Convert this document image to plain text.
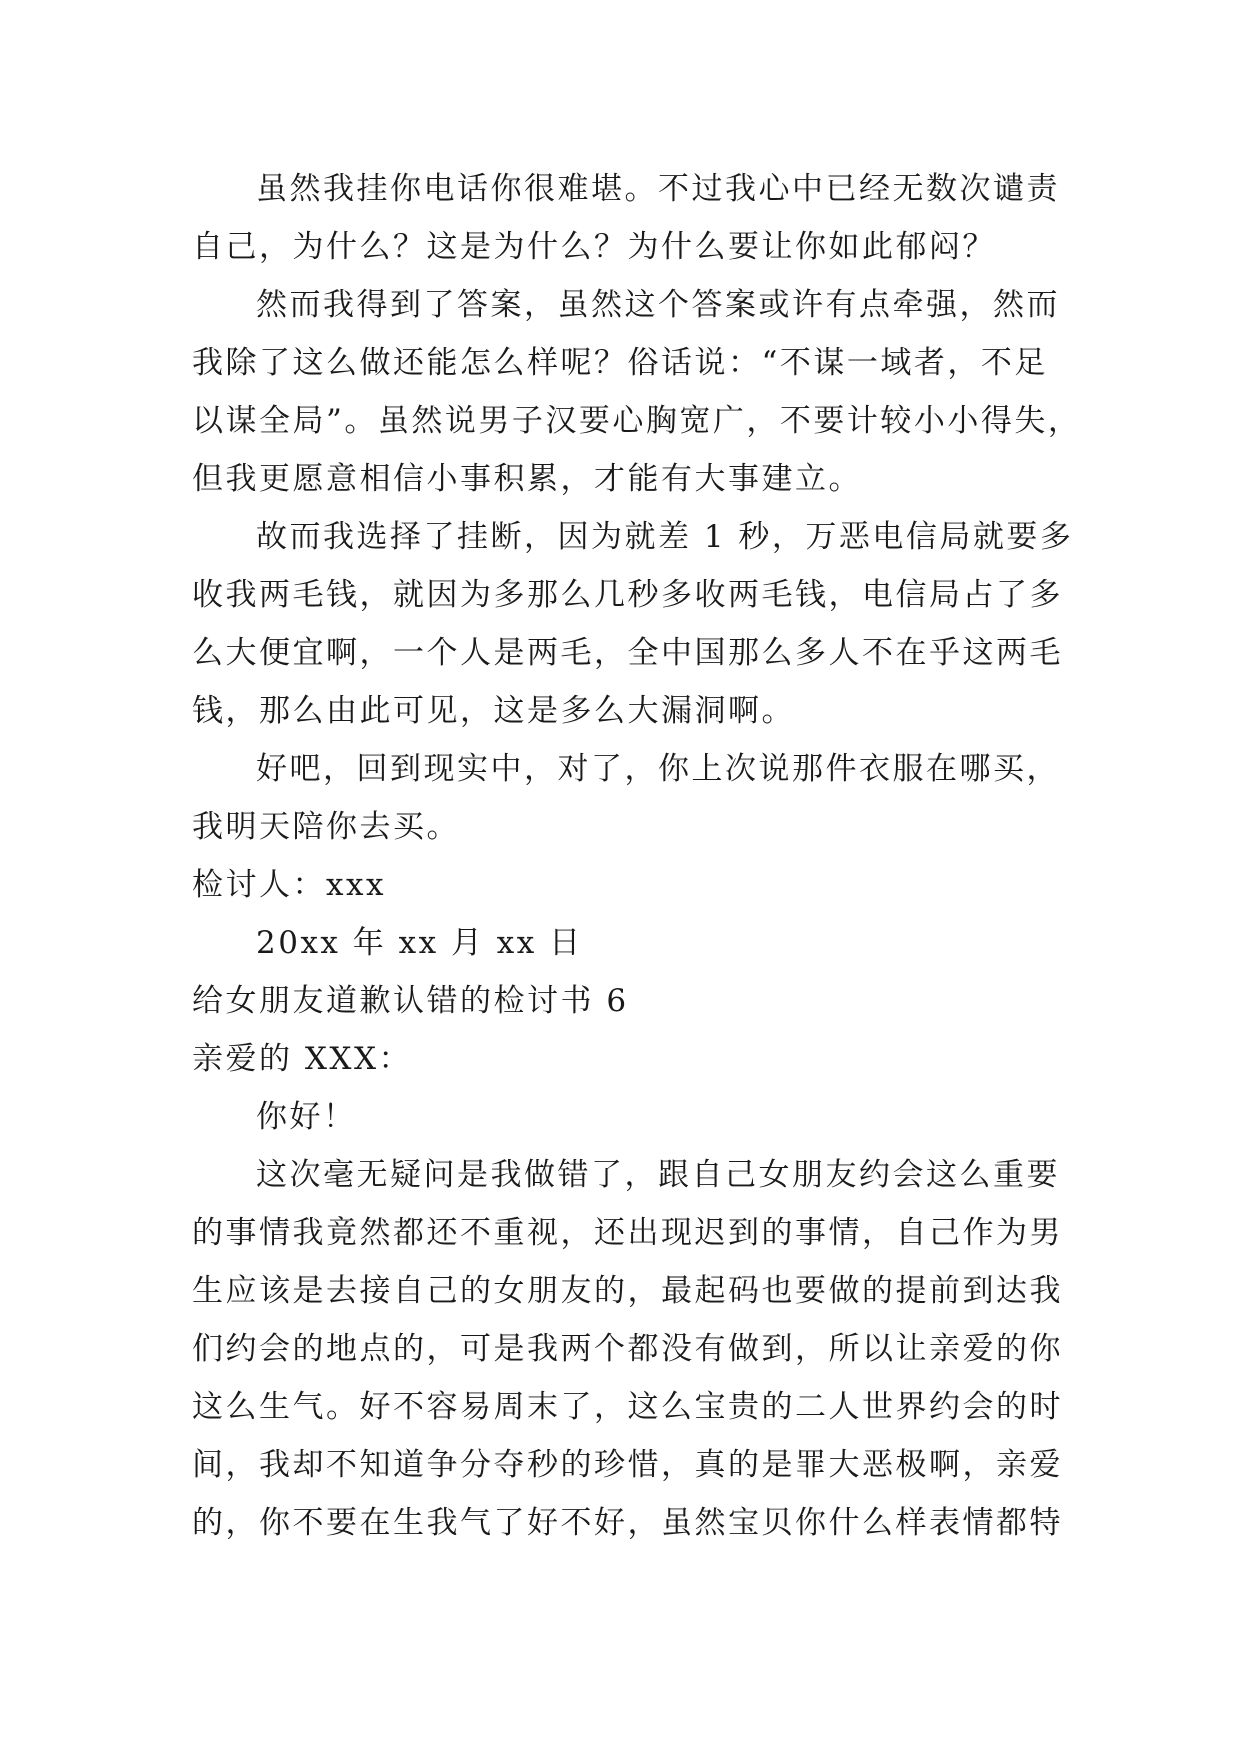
虽然我挂你电话你很难堪。不过我心中已经无数次谴责
自己，为什么？这是为什么？为什么要让你如此郁闷？
然而我得到了答案，虽然这个答案或许有点牵强，然而
我除了这么做还能怎么样呢？俗话说：“不谋一域者，不足
以谋全局”。虽然说男子汉要心胸宽广，不要计较小小得失，
但我更愿意相信小事积累，才能有大事建立。
故而我选择了挂断，因为就差 1 秒，万恶电信局就要多
收我两毛钱，就因为多那么几秒多收两毛钱，电信局占了多
么大便宜啊，一个人是两毛，全中国那么多人不在乎这两毛
钱，那么由此可见，这是多么大漏洞啊。
好吧，回到现实中，对了，你上次说那件衣服在哪买，
我明天陪你去买。
检讨人：xxx
20xx 年 xx 月 xx 日
给女朋友道歉认错的检讨书 6
亲爱的 XXX：
你好！
这次毫无疑问是我做错了，跟自己女朋友约会这么重要
的事情我竟然都还不重视，还出现迟到的事情，自己作为男
生应该是去接自己的女朋友的，最起码也要做的提前到达我
们约会的地点的，可是我两个都没有做到，所以让亲爱的你
这么生气。好不容易周末了，这么宝贵的二人世界约会的时
间，我却不知道争分夺秒的珍惜，真的是罪大恶极啊，亲爱
的，你不要在生我气了好不好，虽然宝贝你什么样表情都特
